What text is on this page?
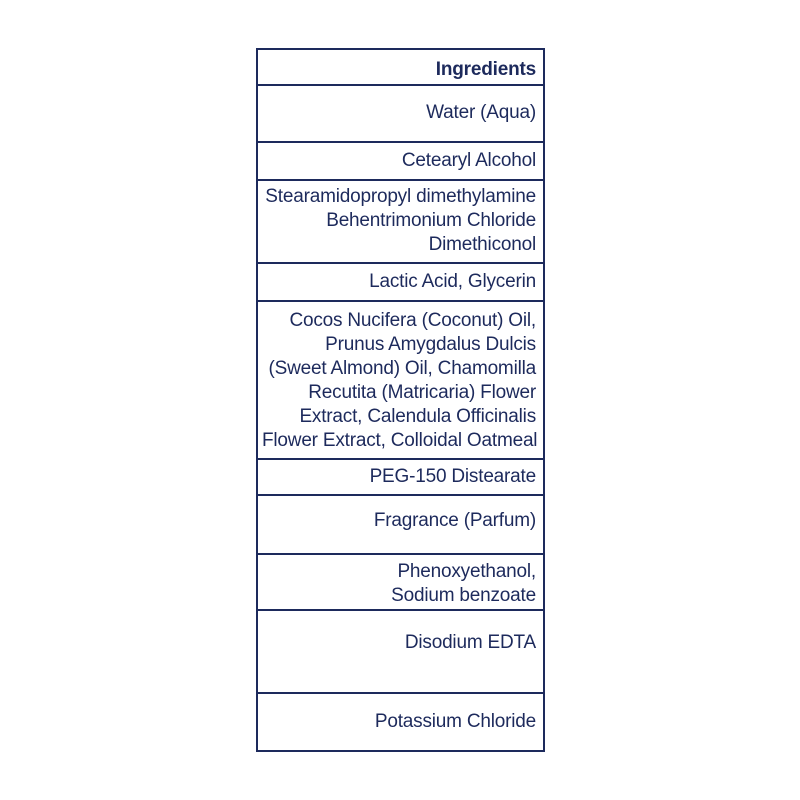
Ingredients
Water (Aqua)
Cetearyl Alcohol
Stearamidopropyl dimethylamine
Behentrimonium Chloride
Dimethiconol
Lactic Acid, Glycerin
Cocos Nucifera (Coconut) Oil,
Prunus Amygdalus Dulcis
(Sweet Almond) Oil, Chamomilla
Recutita (Matricaria) Flower
Extract, Calendula Officinalis
Flower Extract, Colloidal Oatmeal
PEG-150 Distearate
Fragrance (Parfum)
Phenoxyethanol,
Sodium benzoate
Disodium EDTA
Potassium Chloride
